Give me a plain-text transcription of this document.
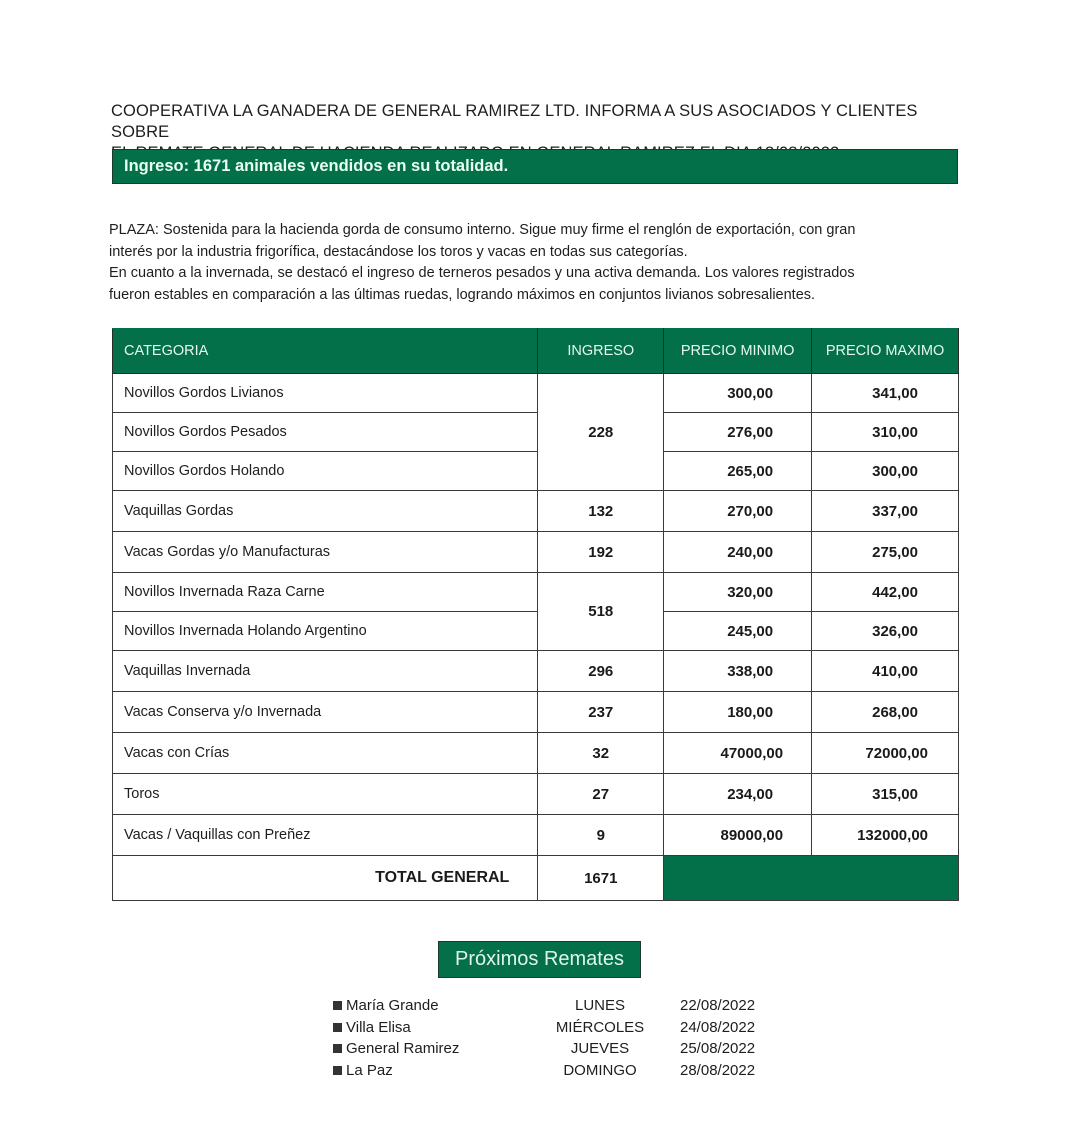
COOPERATIVA LA GANADERA DE GENERAL RAMIREZ LTD. INFORMA A SUS ASOCIADOS Y CLIENTES SOBRE
Ingreso: 1671 animales vendidos en su totalidad.
PLAZA: Sostenida para la hacienda gorda de consumo interno. Sigue muy firme el renglón de exportación, con gran
interés por la industria frigorífica, destacándose los toros y vacas en todas sus categorías.
En cuanto a la invernada, se destacó el ingreso de terneros pesados y una activa demanda. Los valores registrados
fueron estables en comparación a las últimas ruedas, logrando máximos en conjuntos livianos sobresalientes.
CATEGORIA	INGRESO	PRECIO MINIMO	PRECIO MAXIMO
Novillos Gordos Livianos	228	300,00	341,00
Novillos Gordos Pesados		276,00	310,00
Novillos Gordos Holando		265,00	300,00
Vaquillas Gordas	132	270,00	337,00
Vacas Gordas y/o Manufacturas	192	240,00	275,00
Novillos Invernada Raza Carne	518	320,00	442,00
Novillos Invernada Holando Argentino		245,00	326,00
Vaquillas Invernada	296	338,00	410,00
Vacas Conserva y/o Invernada	237	180,00	268,00
Vacas con Crías	32	47000,00	72000,00
Toros	27	234,00	315,00
Vacas / Vaquillas con Preñez	9	89000,00	132000,00
TOTAL GENERAL	1671		
Próximos Remates
María Grande	LUNES	22/08/2022
Villa Elisa	MIÉRCOLES	24/08/2022
General Ramirez	JUEVES	25/08/2022
La Paz	DOMINGO	28/08/2022
